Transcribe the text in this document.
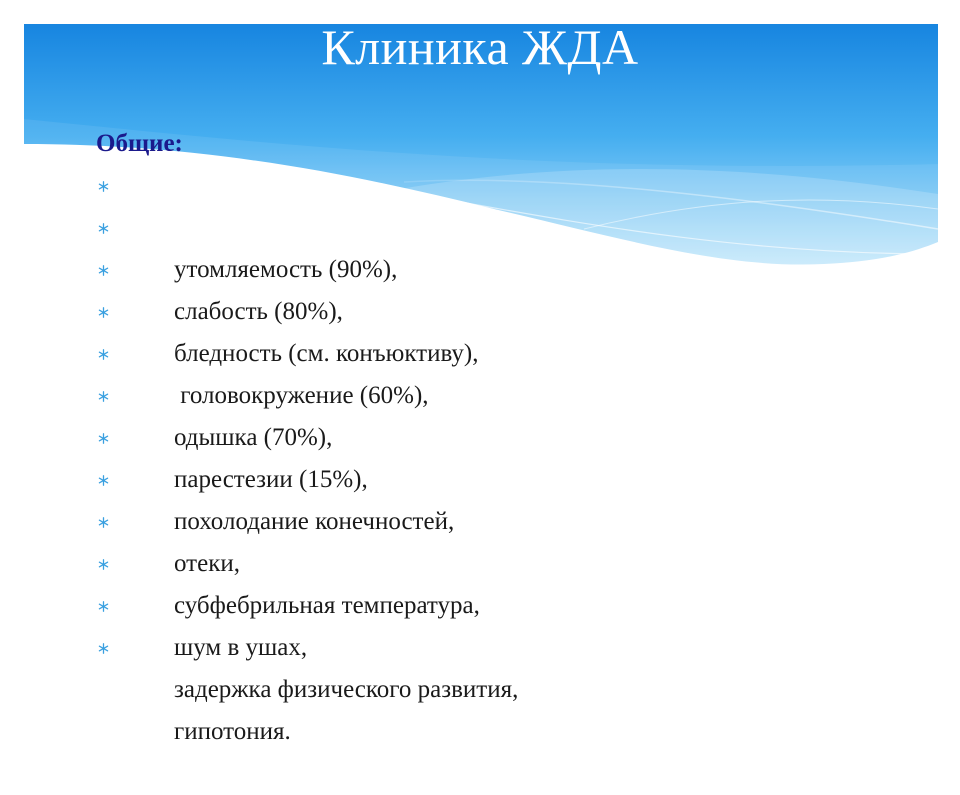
Клиника ЖДА
Общие:

утомляемость (90%),

слабость (80%),

бледность (см. конъюктиву),

головокружение (60%),

одышка (70%),

парестезии (15%),

похолодание конечностей,

отеки,

субфебрильная температура,

шум в ушах,

задержка физического развития,

гипотония.
